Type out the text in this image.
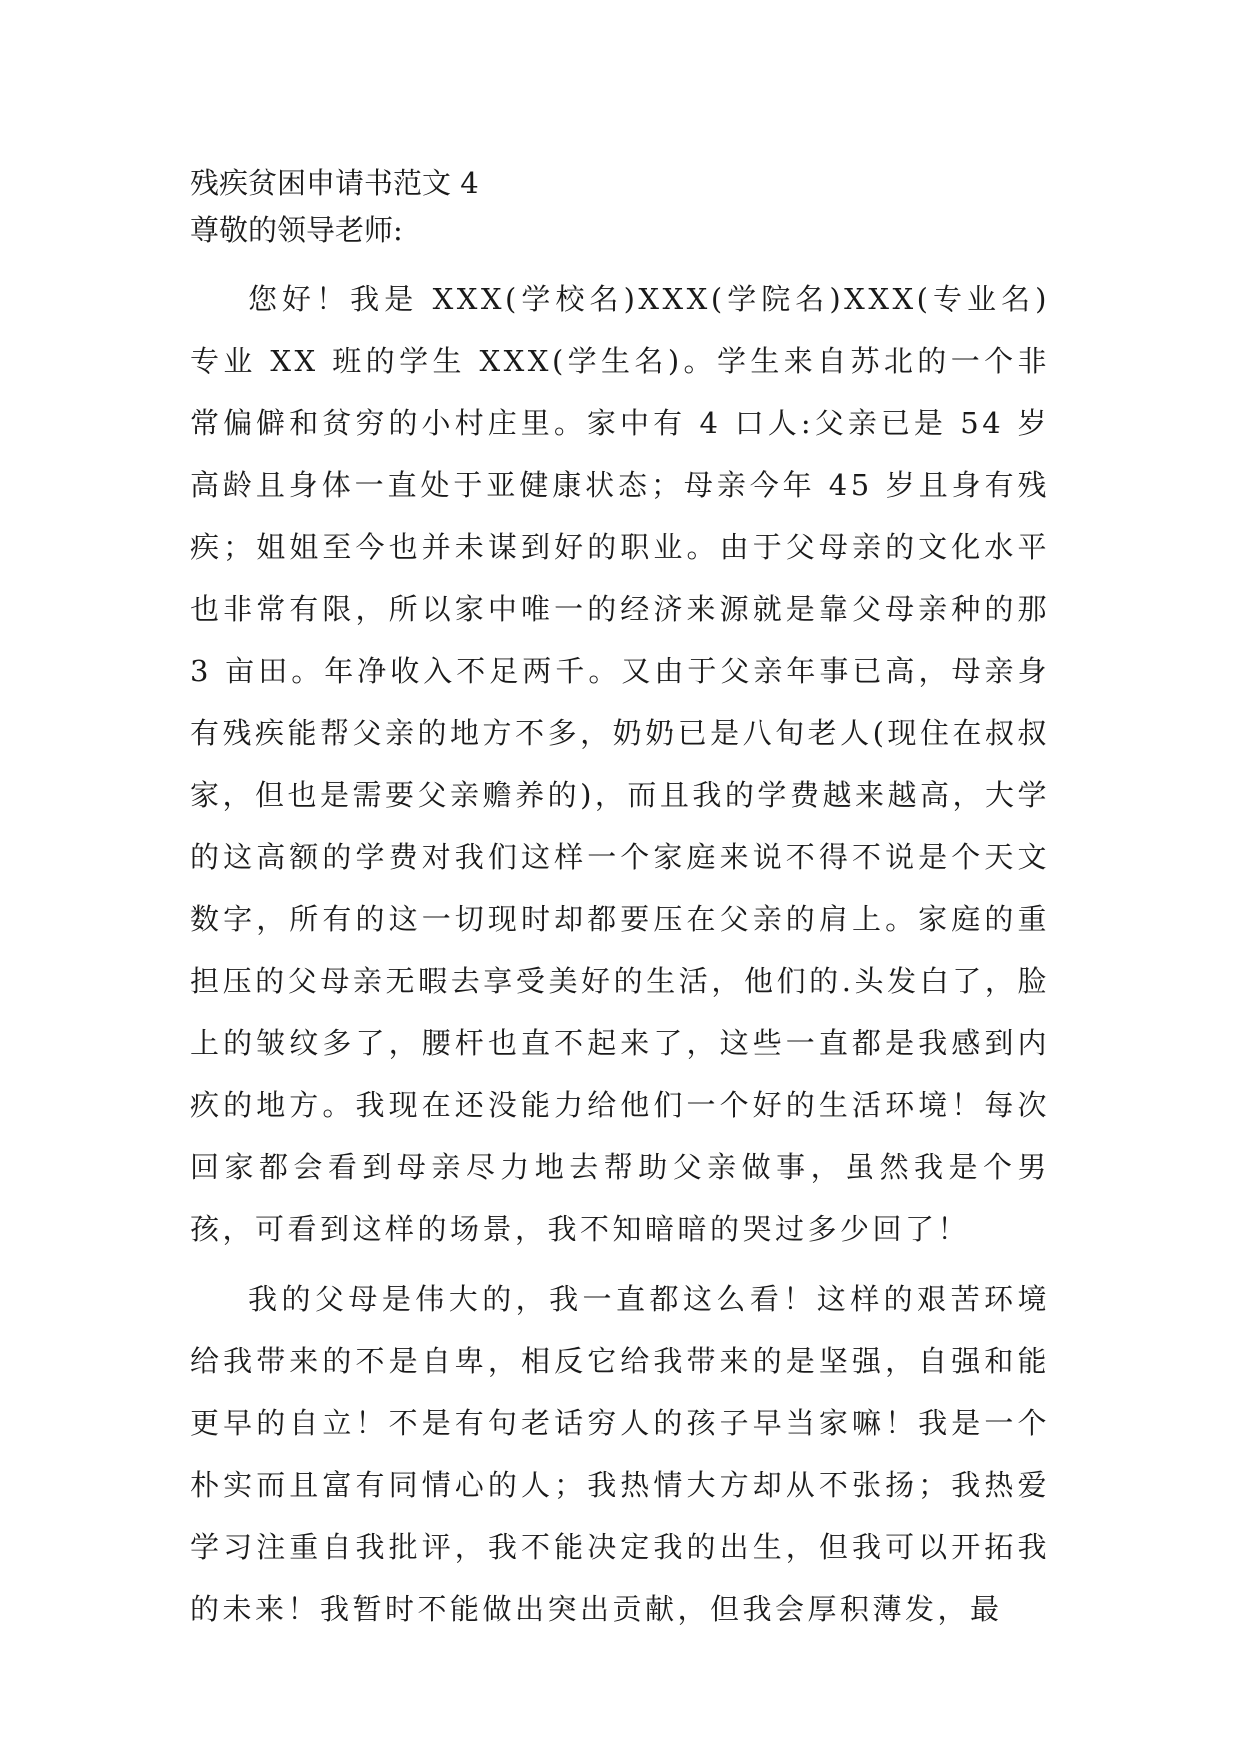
残疾贫困申请书范文 4
尊敬的领导老师:

您好！我是 XXX(学校名)XXX(学院名)XXX(专业名)专业 XX 班的学生 XXX(学生名)。学生来自苏北的一个非常偏僻和贫穷的小村庄里。家中有 4 口人:父亲已是 54 岁高龄且身体一直处于亚健康状态；母亲今年 45 岁且身有残疾；姐姐至今也并未谋到好的职业。由于父母亲的文化水平也非常有限，所以家中唯一的经济来源就是靠父母亲种的那 3 亩田。年净收入不足两千。又由于父亲年事已高，母亲身有残疾能帮父亲的地方不多，奶奶已是八旬老人(现住在叔叔家，但也是需要父亲赡养的)，而且我的学费越来越高，大学的这高额的学费对我们这样一个家庭来说不得不说是个天文数字，所有的这一切现时却都要压在父亲的肩上。家庭的重担压的父母亲无暇去享受美好的生活，他们的.头发白了，脸上的皱纹多了，腰杆也直不起来了，这些一直都是我感到内疚的地方。我现在还没能力给他们一个好的生活环境！每次回家都会看到母亲尽力地去帮助父亲做事，虽然我是个男孩，可看到这样的场景，我不知暗暗的哭过多少回了！

我的父母是伟大的，我一直都这么看！这样的艰苦环境给我带来的不是自卑，相反它给我带来的是坚强，自强和能更早的自立！不是有句老话穷人的孩子早当家嘛！我是一个朴实而且富有同情心的人；我热情大方却从不张扬；我热爱学习注重自我批评，我不能决定我的出生，但我可以开拓我的未来！我暂时不能做出突出贡献，但我会厚积薄发，最
